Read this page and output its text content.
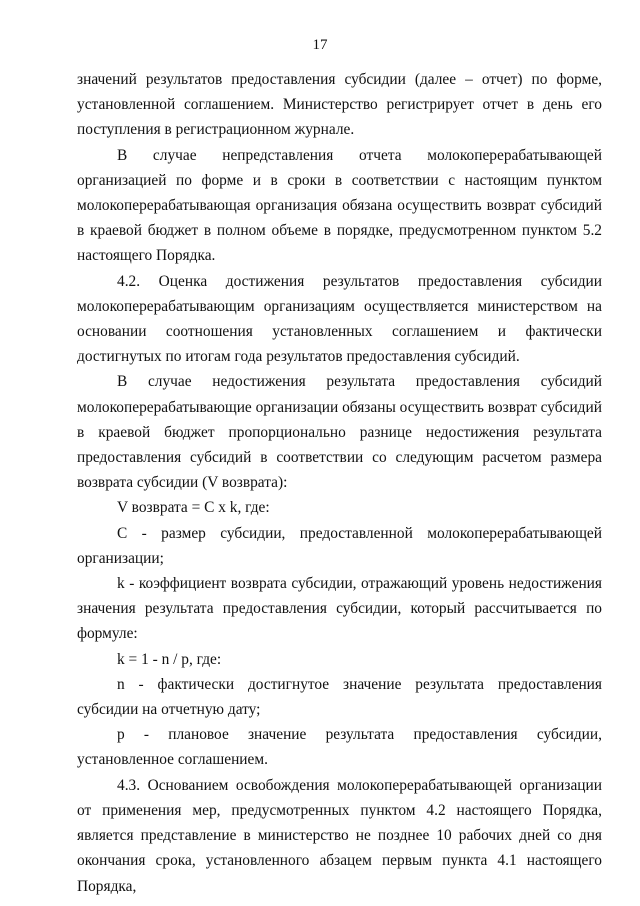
17

значений результатов предоставления субсидии (далее – отчет) по форме, установленной соглашением. Министерство регистрирует отчет в день его поступления в регистрационном журнале.

В случае непредставления отчета молокоперерабатывающей организацией по форме и в сроки в соответствии с настоящим пунктом молокоперерабатывающая организация обязана осуществить возврат субсидий в краевой бюджет в полном объеме в порядке, предусмотренном пунктом 5.2 настоящего Порядка.

4.2. Оценка достижения результатов предоставления субсидии молокоперерабатывающим организациям осуществляется министерством на основании соотношения установленных соглашением и фактически достигнутых по итогам года результатов предоставления субсидий.

В случае недостижения результата предоставления субсидий молокоперерабатывающие организации обязаны осуществить возврат субсидий в краевой бюджет пропорционально разнице недостижения результата предоставления субсидий в соответствии со следующим расчетом размера возврата субсидии (V возврата):

V возврата = C x k, где:

С - размер субсидии, предоставленной молокоперерабатывающей организации;

k - коэффициент возврата субсидии, отражающий уровень недостижения значения результата предоставления субсидии, который рассчитывается по формуле:

k = 1 - n / p, где:

n - фактически достигнутое значение результата предоставления субсидии на отчетную дату;

р - плановое значение результата предоставления субсидии, установленное соглашением.

4.3. Основанием освобождения молокоперерабатывающей организации от применения мер, предусмотренных пунктом 4.2 настоящего Порядка, является представление в министерство не позднее 10 рабочих дней со дня окончания срока, установленного абзацем первым пункта 4.1 настоящего Порядка,
